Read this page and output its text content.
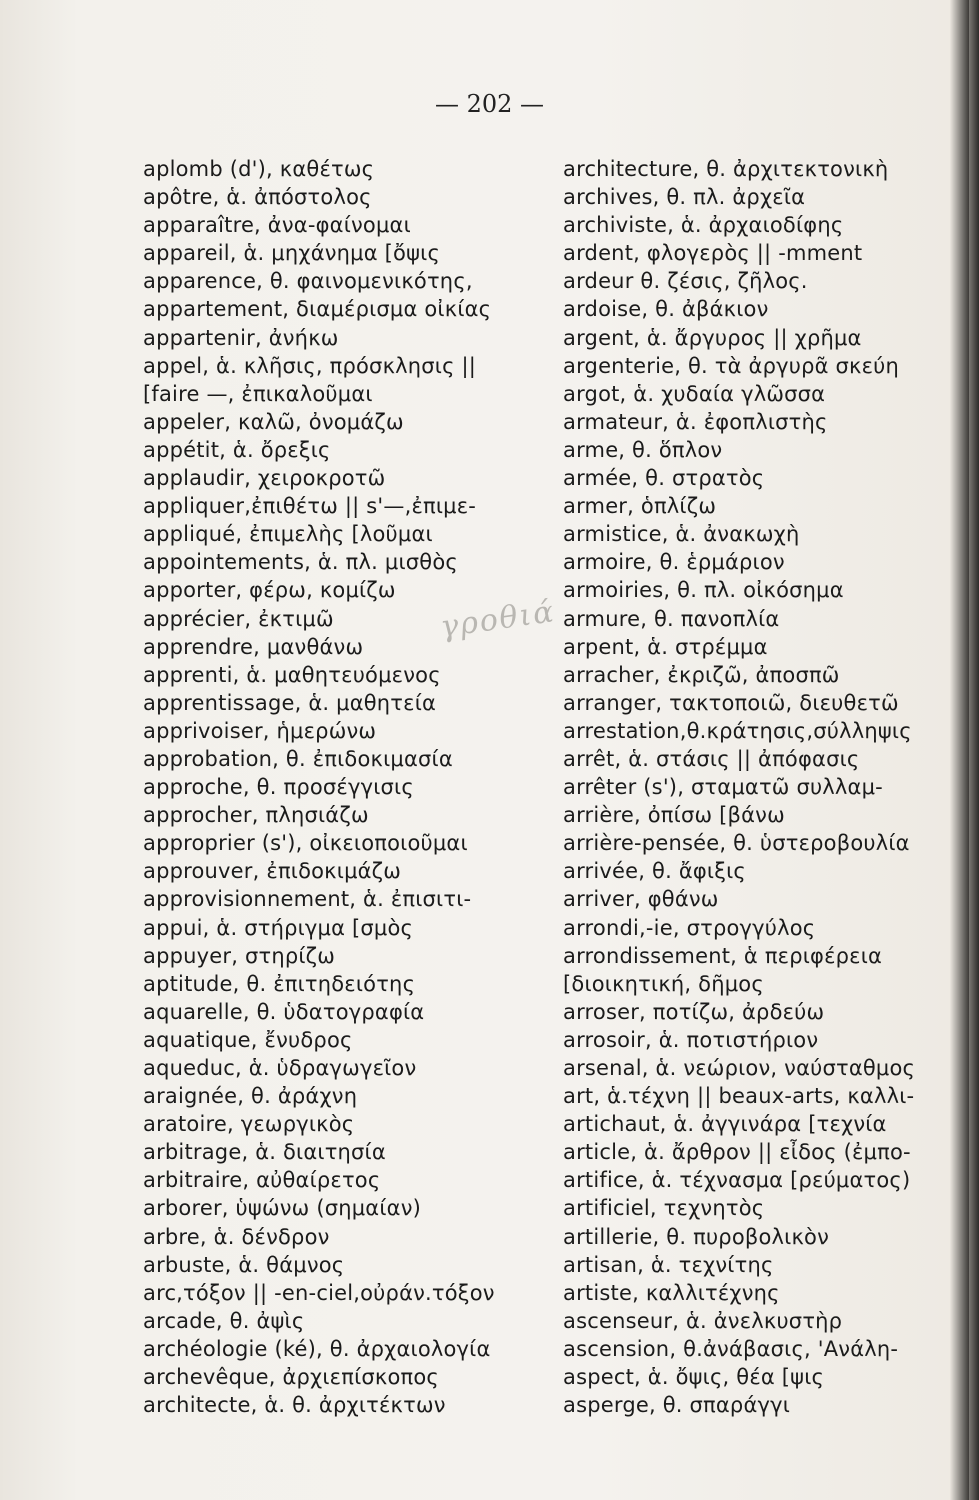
— 202 —
aplomb (d'), καθέτως
apôtre, ἁ. ἀπόστολος
apparaître, ἀνα-φαίνομαι
appareil, ἁ. μηχάνημα [ὄψις
apparence, θ. φαινομενικότης,
appartement, διαμέρισμα οἰκίας
appartenir, ἀνήκω
appel, ἁ. κλῆσις, πρόσκλησις ||
[faire —, ἐπικαλοῦμαι
appeler, καλῶ, ὀνομάζω
appétit, ἁ. ὄρεξις
applaudir, χειροκροτῶ
appliquer,ἐπιθέτω || s'—,ἐπιμε-
appliqué, ἐπιμελὴς [λοῦμαι
appointements, ἁ. πλ. μισθὸς
apporter, φέρω, κομίζω
apprécier, ἐκτιμῶ
apprendre, μανθάνω
apprenti, ἁ. μαθητευόμενος
apprentissage, ἁ. μαθητεία
apprivoiser, ἡμερώνω
approbation, θ. ἐπιδοκιμασία
approche, θ. προσέγγισις
approcher, πλησιάζω
approprier (s'), οἰκειοποιοῦμαι
approuver, ἐπιδοκιμάζω
approvisionnement, ἁ. ἐπισιτι-
appui, ἁ. στήριγμα [σμὸς
appuyer, στηρίζω
aptitude, θ. ἐπιτηδειότης
aquarelle, θ. ὑδατογραφία
aquatique, ἔνυδρος
aqueduc, ἁ. ὑδραγωγεῖον
araignée, θ. ἀράχνη
aratoire, γεωργικὸς
arbitrage, ἁ. διαιτησία
arbitraire, αὐθαίρετος
arborer, ὑψώνω (σημαίαν)
arbre, ἁ. δένδρον
arbuste, ἁ. θάμνος
arc,τόξον || -en-ciel,οὐράν.τόξον
arcade, θ. ἀψὶς
archéologie (ké), θ. ἀρχαιολογία
archevêque, ἀρχιεπίσκοπος
architecte, ἁ. θ. ἀρχιτέκτων
architecture, θ. ἀρχιτεκτονικὴ
archives, θ. πλ. ἀρχεῖα
archiviste, ἁ. ἀρχαιοδίφης
ardent, φλογερὸς || -mment
ardeur θ. ζέσις, ζῆλος.
ardoise, θ. ἀβάκιον
argent, ἁ. ἄργυρος || χρῆμα
argenterie, θ. τὰ ἀργυρᾶ σκεύη
argot, ἁ. χυδαία γλῶσσα
armateur, ἁ. ἐφοπλιστὴς
arme, θ. ὅπλον
armée, θ. στρατὸς
armer, ὁπλίζω
armistice, ἁ. ἀνακωχὴ
armoire, θ. ἑρμάριον
armoiries, θ. πλ. οἰκόσημα
armure, θ. πανοπλία
arpent, ἁ. στρέμμα
arracher, ἐκριζῶ, ἀποσπῶ
arranger, τακτοποιῶ, διευθετῶ
arrestation,θ.κράτησις,σύλληψις
arrêt, ἁ. στάσις || ἀπόφασις
arrêter (s'), σταματῶ συλλαμ-
arrière, ὀπίσω [βάνω
arrière-pensée, θ. ὑστεροβουλία
arrivée, θ. ἄφιξις
arriver, φθάνω
arrondi,-ie, στρογγύλος
arrondissement, ἁ περιφέρεια
[διοικητική, δῆμος
arroser, ποτίζω, ἀρδεύω
arrosoir, ἁ. ποτιστήριον
arsenal, ἁ. νεώριον, ναύσταθμος
art, ἁ.τέχνη || beaux-arts, καλλι-
artichaut, ἁ. ἀγγινάρα [τεχνία
article, ἁ. ἄρθρον || εἶδος (ἐμπο-
artifice, ἁ. τέχνασμα [ρεύματος)
artificiel, τεχνητὸς
artillerie, θ. πυροβολικὸν
artisan, ἁ. τεχνίτης
artiste, καλλιτέχνης
ascenseur, ἁ. ἀνελκυστὴρ
ascension, θ.ἀνάβασις, 'Ανάλη-
aspect, ἁ. ὄψις, θέα [ψις
asperge, θ. σπαράγγι
γροθιά
